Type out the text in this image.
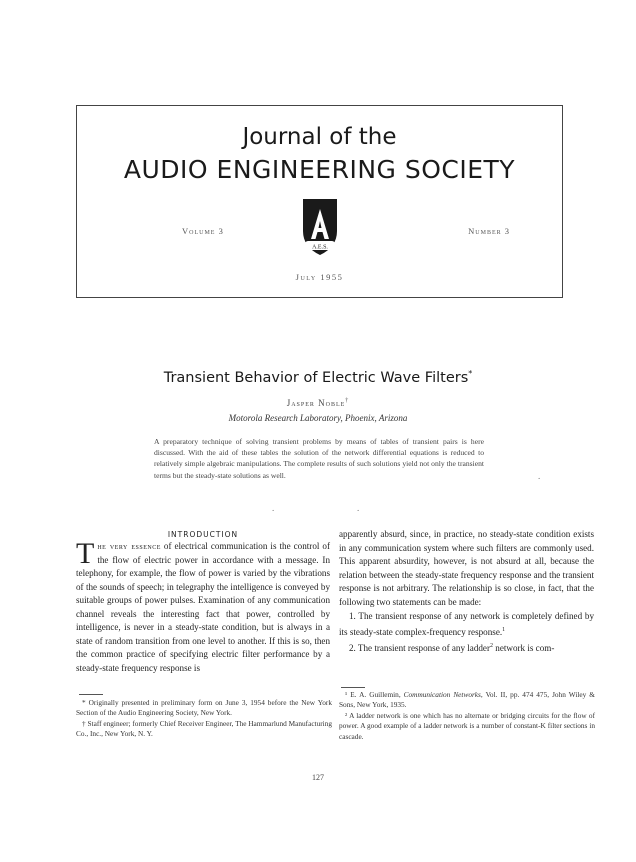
Journal of the
AUDIO ENGINEERING SOCIETY
Volume 3
A.E.S.
Number 3
July 1955
Transient Behavior of Electric Wave Filters*
Jasper Noble†
Motorola Research Laboratory, Phoenix, Arizona
A preparatory technique of solving transient problems by means of tables of transient pairs is here discussed. With the aid of these tables the solution of the network differential equations is reduced to relatively simple algebraic manipulations. The complete results of such solutions yield not only the transient terms but the steady-state solutions as well.
.	.
.
INTRODUCTION
T he very essence of electrical communication is the control of the flow of electric power in accordance with a message. In telephony, for example, the flow of power is varied by the vibrations of the sounds of speech; in telegraphy the intelligence is conveyed by suitable groups of power pulses. Examination of any communication channel reveals the interesting fact that power, controlled by intelligence, is never in a steady-state condition, but is always in a state of random transition from one level to another. If this is so, then the common practice of specifying electric filter performance by a steady-state frequency response is
apparently absurd, since, in practice, no steady-state condition exists in any communication system where such filters are commonly used. This apparent absurdity, however, is not absurd at all, because the relation between the steady-state frequency response and the transient response is not arbitrary. The relationship is so close, in fact, that the following two statements can be made:

1. The transient response of any network is completely defined by its steady-state complex-frequency response.$^1$

2. The transient response of any ladder$^2$ network is com-

* Originally presented in preliminary form on June 3, 1954 before the New York Section of the Audio Engineering Society, New York.

† Staff engineer; formerly Chief Receiver Engineer, The Hammarlund Manufacturing Co., Inc., New York, N. Y.

¹ E. A. Guillemin, Communication Networks, Vol. II, pp. 474 475, John Wiley & Sons, New York, 1935.

² A ladder network is one which has no alternate or bridging circuits for the flow of power. A good example of a ladder network is a number of constant-K filter sections in cascade.

127
